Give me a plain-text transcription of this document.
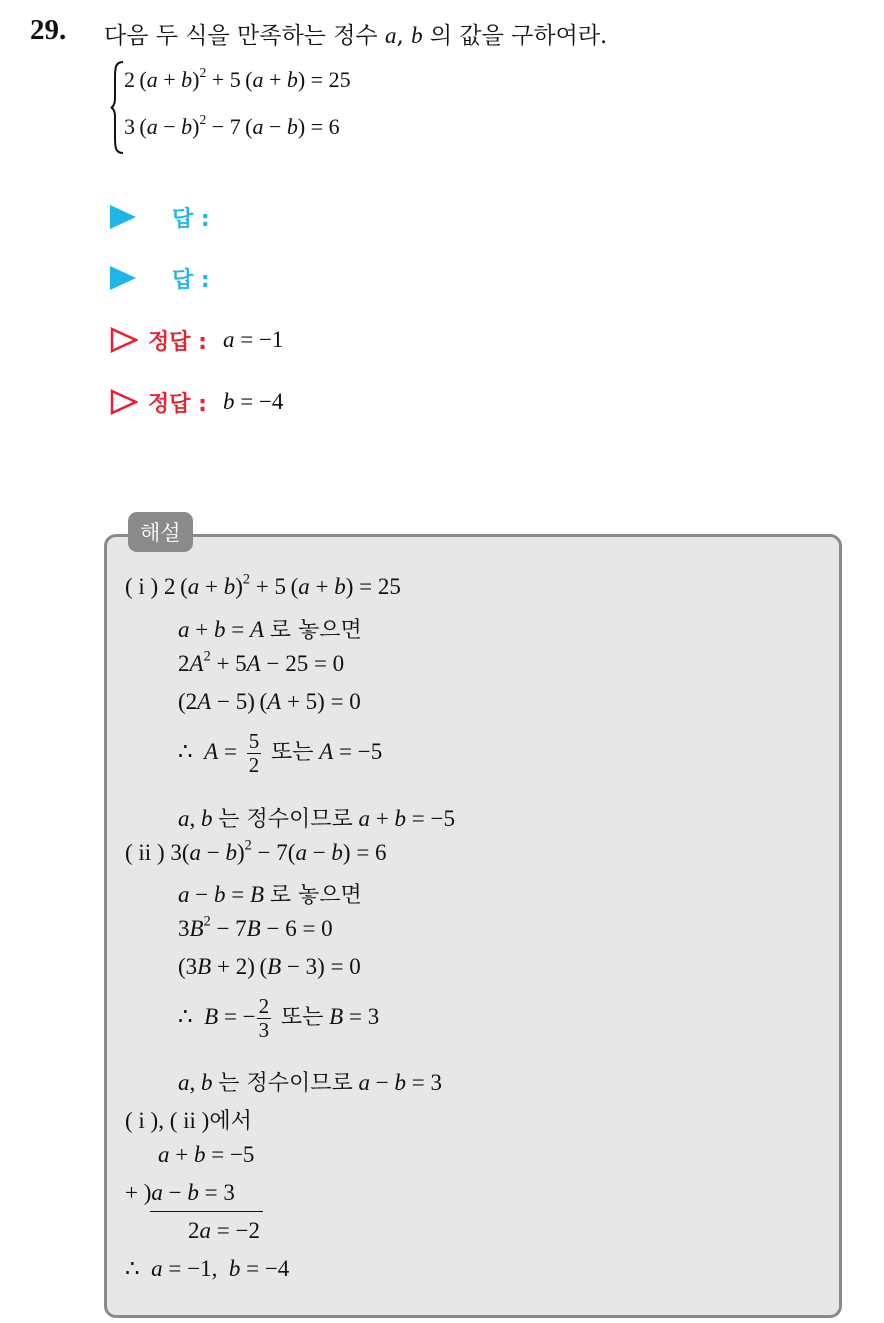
29. 다음 두 식을 만족하는 정수 a, b 의 값을 구하여라.
2 $(a + b)^2 + 5$ (a + b) = 25
3 $(a - b)^2 - 7$ (a − b) = 6
답 :
답 :
정답 : a = −1
정답 : b = −4
해설
( i ) 2 $(a + b)^2 + 5$ (a + b) = 25
a + b = A 로 놓으면
$2A^2 + 5A - 25 = 0$
(2A − 5) (A + 5) = 0
∴  $A = \frac{5}{2}$ 또는 A = −5
a, b 는 정수이므로 a + b = −5
( ii ) $3(a - b)^2 - 7(a - b) = 6$
a − b = B 로 놓으면
$3B^2 - 7B - 6 = 0$
(3B + 2) (B − 3) = 0
∴  B = − $\frac{2}{3}$ 또는 B = 3
a, b 는 정수이므로 a − b = 3
( i ), ( ii )에서
a + b = −5
+ )a − b = 3
2a = −2
∴  a = −1,  b = −4
